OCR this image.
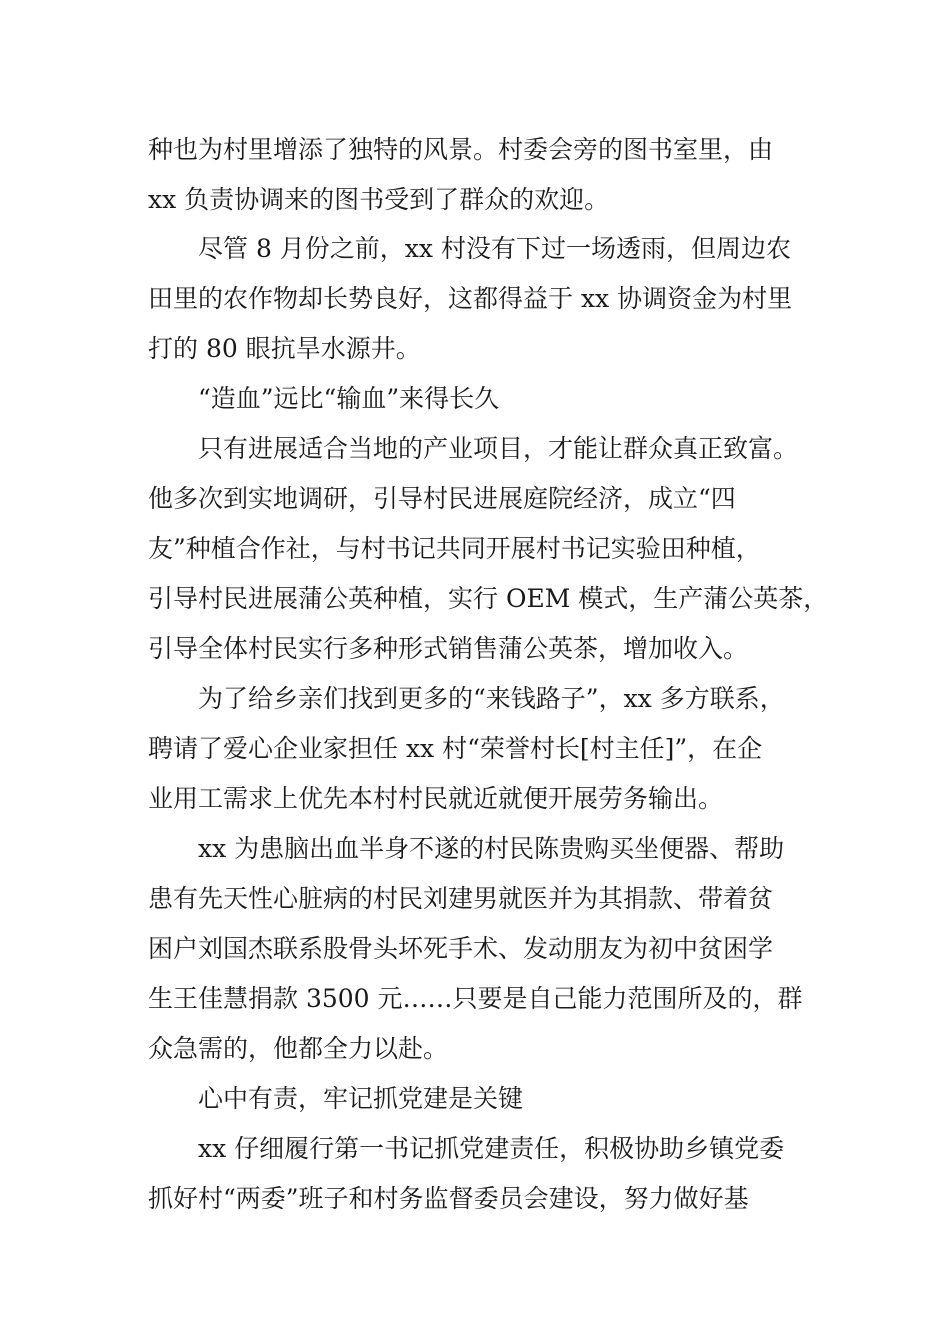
种也为村里增添了独特的风景。村委会旁的图书室里，由
xx 负责协调来的图书受到了群众的欢迎。
尽管 8 月份之前，xx 村没有下过一场透雨，但周边农
田里的农作物却长势良好，这都得益于 xx 协调资金为村里
打的 80 眼抗旱水源井。
“造血”远比“输血”来得长久
只有进展适合当地的产业项目，才能让群众真正致富。
他多次到实地调研，引导村民进展庭院经济，成立“四
友”种植合作社，与村书记共同开展村书记实验田种植，
引导村民进展蒲公英种植，实行 OEM 模式，生产蒲公英茶，
引导全体村民实行多种形式销售蒲公英茶，增加收入。
为了给乡亲们找到更多的“来钱路子”，xx 多方联系，
聘请了爱心企业家担任 xx 村“荣誉村长[村主任]”，在企
业用工需求上优先本村村民就近就便开展劳务输出。
xx 为患脑出血半身不遂的村民陈贵购买坐便器、帮助
患有先天性心脏病的村民刘建男就医并为其捐款、带着贫
困户刘国杰联系股骨头坏死手术、发动朋友为初中贫困学
生王佳慧捐款 3500 元……只要是自己能力范围所及的，群
众急需的，他都全力以赴。
心中有责，牢记抓党建是关键
xx 仔细履行第一书记抓党建责任，积极协助乡镇党委
抓好村“两委”班子和村务监督委员会建设，努力做好基
